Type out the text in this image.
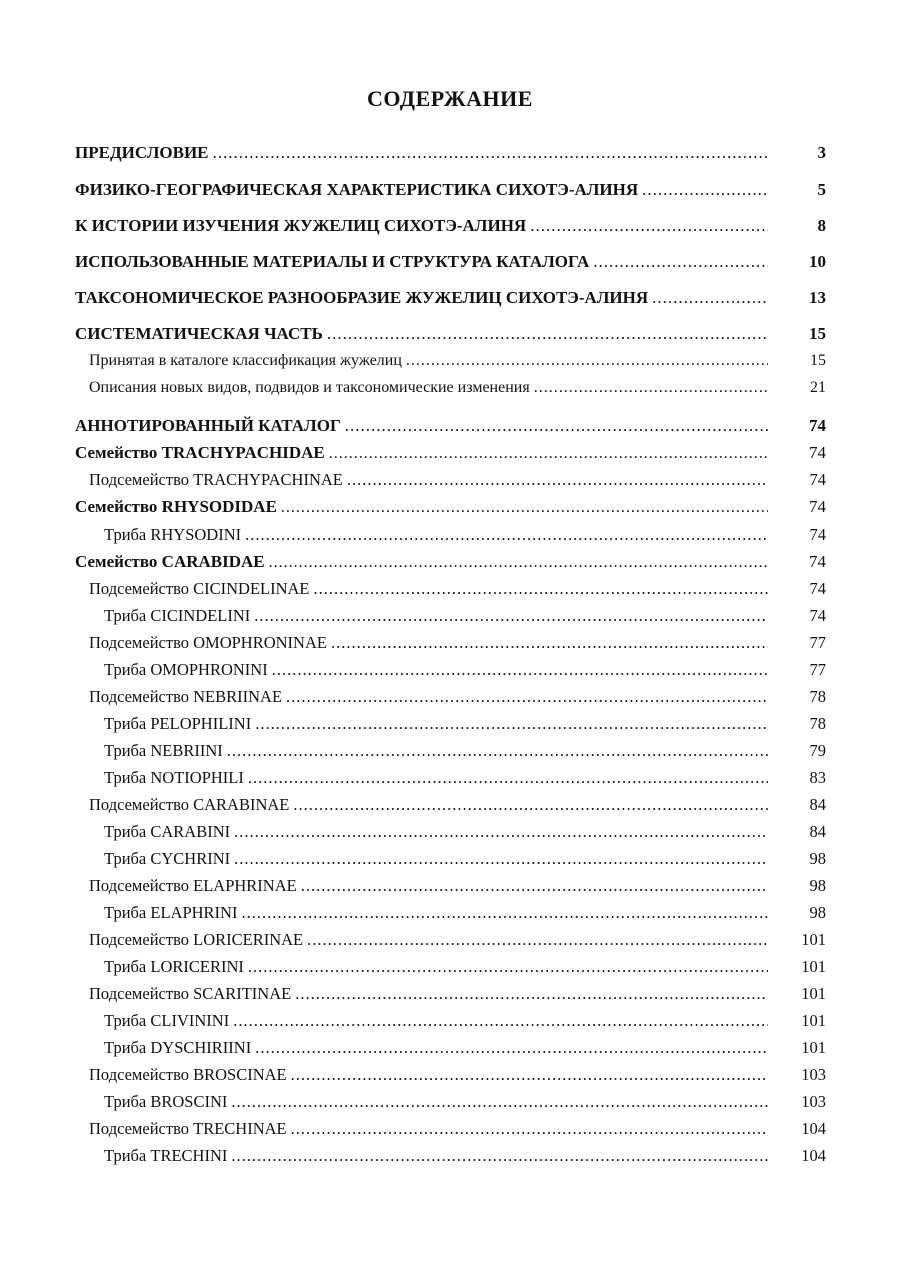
СОДЕРЖАНИЕ
ПРЕДИСЛОВИЕ .....	3
ФИЗИКО-ГЕОГРАФИЧЕСКАЯ ХАРАКТЕРИСТИКА СИХОТЭ-АЛИНЯ .....	5
К ИСТОРИИ ИЗУЧЕНИЯ ЖУЖЕЛИЦ СИХОТЭ-АЛИНЯ .....	8
ИСПОЛЬЗОВАННЫЕ МАТЕРИАЛЫ И СТРУКТУРА КАТАЛОГА .....	10
ТАКСОНОМИЧЕСКОЕ РАЗНООБРАЗИЕ ЖУЖЕЛИЦ СИХОТЭ-АЛИНЯ .....	13
СИСТЕМАТИЧЕСКАЯ ЧАСТЬ .....	15
Принятая в каталоге классификация жужелиц .....	15
Описания новых видов, подвидов и таксономические изменения .....	21
АННОТИРОВАННЫЙ КАТАЛОГ .....	74
Семейство TRACHYPACHIDAE .....	74
Подсемейство TRACHYPACHINAE .....	74
Семейство RHYSODIDAE .....	74
Триба RHYSODINI .....	74
Семейство CARABIDAE .....	74
Подсемейство CICINDELINAE .....	74
Триба CICINDELINI .....	74
Подсемейство OMOPHRONINAE .....	77
Триба OMOPHRONINI .....	77
Подсемейство NEBRIINAE .....	78
Триба PELOPHILINI .....	78
Триба NEBRIINI .....	79
Триба NOTIOPHILI .....	83
Подсемейство CARABINAE .....	84
Триба CARABINI .....	84
Триба CYCHRINI .....	98
Подсемейство ELAPHRINAE .....	98
Триба ELAPHRINI .....	98
Подсемейство LORICERINAE .....	101
Триба LORICERINI .....	101
Подсемейство SCARITINAE .....	101
Триба CLIVININI .....	101
Триба DYSCHIRIINI .....	101
Подсемейство BROSCINAE .....	103
Триба BROSCINI .....	103
Подсемейство TRECHINAE .....	104
Триба TRECHINI .....	104
